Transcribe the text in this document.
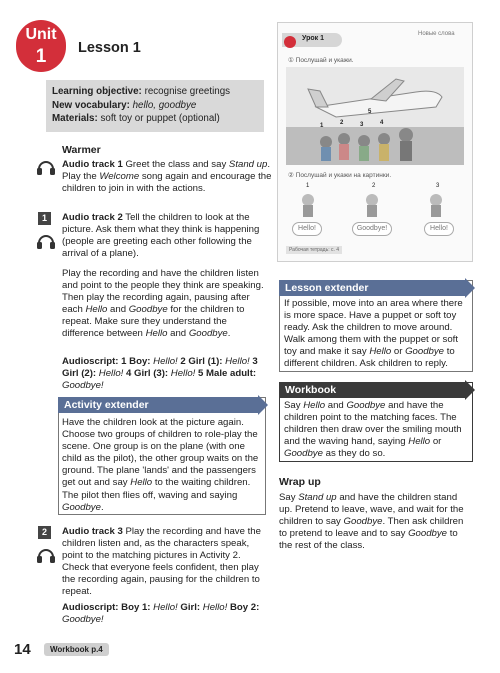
Unit
1	Lesson 1

Learning objective: recognise greetings

New vocabulary: hello, goodbye

Materials: soft toy or puppet (optional)

Warmer

Audio track 1 Greet the class and say Stand up. Play the Welcome song again and encourage the children to join in with the actions.

1	Audio track 2 Tell the children to look at the picture. Ask them what they think is happening (people are greeting each other following the arrival of a plane).

Play the recording and have the children listen and point to the people they think are speaking. Then play the recording again, pausing after each Hello and Goodbye for the children to repeat. Make sure they understand the difference between Hello and Goodbye.

Audioscript: 1 Boy: Hello! 2 Girl (1): Hello! 3 Girl (2): Hello! 4 Girl (3): Hello! 5 Male adult: Goodbye!

Activity extender

Have the children look at the picture again. Choose two groups of children to role-play the scene. One group is on the plane (with one child as the pilot), the other group waits on the ground. The plane 'lands' and the passengers get out and say Hello to the waiting children. The pilot then flies off, waving and saying Goodbye.

2	Audio track 3 Play the recording and have the children listen and, as the characters speak, point to the matching pictures in Activity 2. Check that everyone feels confident, then play the recording again, pausing for the children to repeat.

Audioscript: Boy 1: Hello! Girl: Hello! Boy 2: Goodbye!

Урок 1
Новые слова
① Послушай и укажи.
1	2	3	4
5
② Послушай и укажи на картинки.
1	2	3
Hello!	Goodbye!	Hello!
Рабочая тетрадь: с. 4
Lesson extender

If possible, move into an area where there is more space. Have a puppet or soft toy ready. Ask the children to move around. Walk among them with the puppet or soft toy and make it say Hello or Goodbye to different children. Ask children to reply.

Workbook

Say Hello and Goodbye and have the children point to the matching faces. The children then draw over the smiling mouth and the waving hand, saying Hello or Goodbye as they do so.

Wrap up

Say Stand up and have the children stand up. Pretend to leave, wave, and wait for the children to say Goodbye. Then ask children to pretend to leave and to say Goodbye to the rest of the class.

14	Workbook p.4
